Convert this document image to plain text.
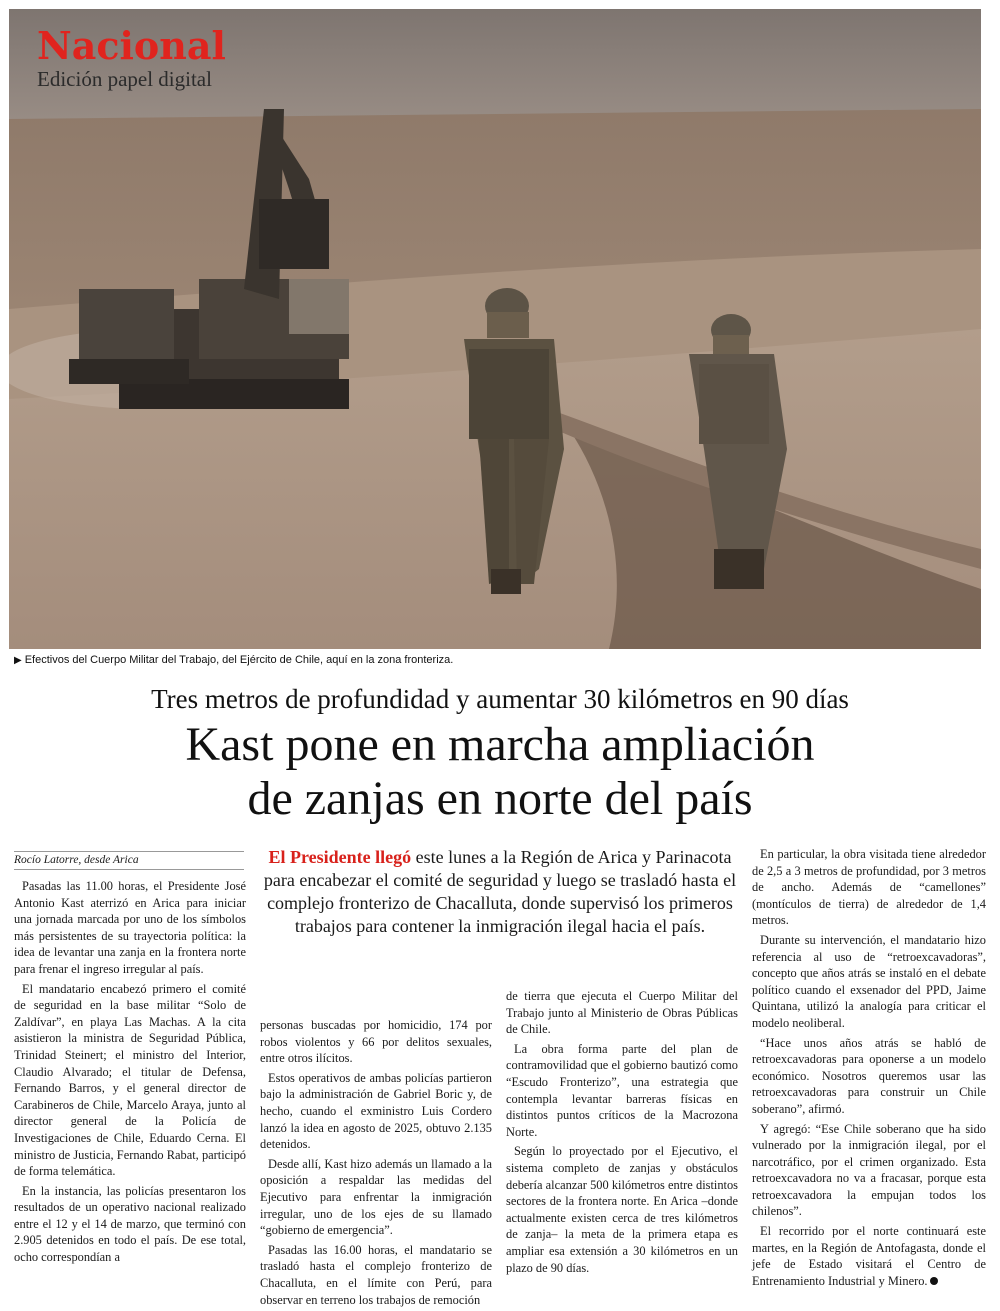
Nacional
Edición papel digital
▶ Efectivos del Cuerpo Militar del Trabajo, del Ejército de Chile, aquí en la zona fronteriza.
Tres metros de profundidad y aumentar 30 kilómetros en 90 días
Kast pone en marcha ampliación
de zanjas en norte del país
Rocío Latorre, desde Arica	El Presidente llegó este lunes a la Región de Arica y Parinacota para encabezar el comité de seguridad y luego se trasladó hasta el complejo fronterizo de Chacalluta, donde supervisó los primeros trabajos para contener la inmigración ilegal hacia el país.

Pasadas las 11.00 horas, el Presidente José Antonio Kast aterrizó en Arica para iniciar una jornada marcada por uno de los símbolos más persistentes de su trayectoria política: la idea de levantar una zanja en la frontera norte para frenar el ingreso irregular al país.

El mandatario encabezó primero el comité de seguridad en la base militar “Solo de Zaldívar”, en playa Las Machas. A la cita asistieron la ministra de Seguridad Pública, Trinidad Steinert; el ministro del Interior, Claudio Alvarado; el titular de Defensa, Fernando Barros, y el general director de Carabineros de Chile, Marcelo Araya, junto al director general de la Policía de Investigaciones de Chile, Eduardo Cerna. El ministro de Justicia, Fernando Rabat, participó de forma telemática.

En la instancia, las policías presentaron los resultados de un operativo nacional realizado entre el 12 y el 14 de marzo, que terminó con 2.905 detenidos en todo el país. De ese total, ocho correspondían a

personas buscadas por homicidio, 174 por robos violentos y 66 por delitos sexuales, entre otros ilícitos.

Estos operativos de ambas policías partieron bajo la administración de Gabriel Boric y, de hecho, cuando el exministro Luis Cordero lanzó la idea en agosto de 2025, obtuvo 2.135 detenidos.

Desde allí, Kast hizo además un llamado a la oposición a respaldar las medidas del Ejecutivo para enfrentar la inmigración irregular, uno de los ejes de su llamado “gobierno de emergencia”.

Pasadas las 16.00 horas, el mandatario se trasladó hasta el complejo fronterizo de Chacalluta, en el límite con Perú, para observar en terreno los trabajos de remoción

de tierra que ejecuta el Cuerpo Militar del Trabajo junto al Ministerio de Obras Públicas de Chile.

La obra forma parte del plan de contramovilidad que el gobierno bautizó como “Escudo Fronterizo”, una estrategia que contempla levantar barreras físicas en distintos puntos críticos de la Macrozona Norte.

Según lo proyectado por el Ejecutivo, el sistema completo de zanjas y obstáculos debería alcanzar 500 kilómetros entre distintos sectores de la frontera norte. En Arica –donde actualmente existen cerca de tres kilómetros de zanja– la meta de la primera etapa es ampliar esa extensión a 30 kilómetros en un plazo de 90 días.

En particular, la obra visitada tiene alrededor de 2,5 a 3 metros de profundidad, por 3 metros de ancho. Además de “camellones” (montículos de tierra) de alrededor de 1,4 metros.

Durante su intervención, el mandatario hizo referencia al uso de “retroexcavadoras”, concepto que años atrás se instaló en el debate político cuando el exsenador del PPD, Jaime Quintana, utilizó la analogía para criticar el modelo neoliberal.

“Hace unos años atrás se habló de retroexcavadoras para oponerse a un modelo económico. Nosotros queremos usar las retroexcavadoras para construir un Chile soberano”, afirmó.

Y agregó: “Ese Chile soberano que ha sido vulnerado por la inmigración ilegal, por el narcotráfico, por el crimen organizado. Esta retroexcavadora no va a fracasar, porque esta retroexcavadora la empujan todos los chilenos”.

El recorrido por el norte continuará este martes, en la Región de Antofagasta, donde el jefe de Estado visitará el Centro de Entrenamiento Industrial y Minero.
